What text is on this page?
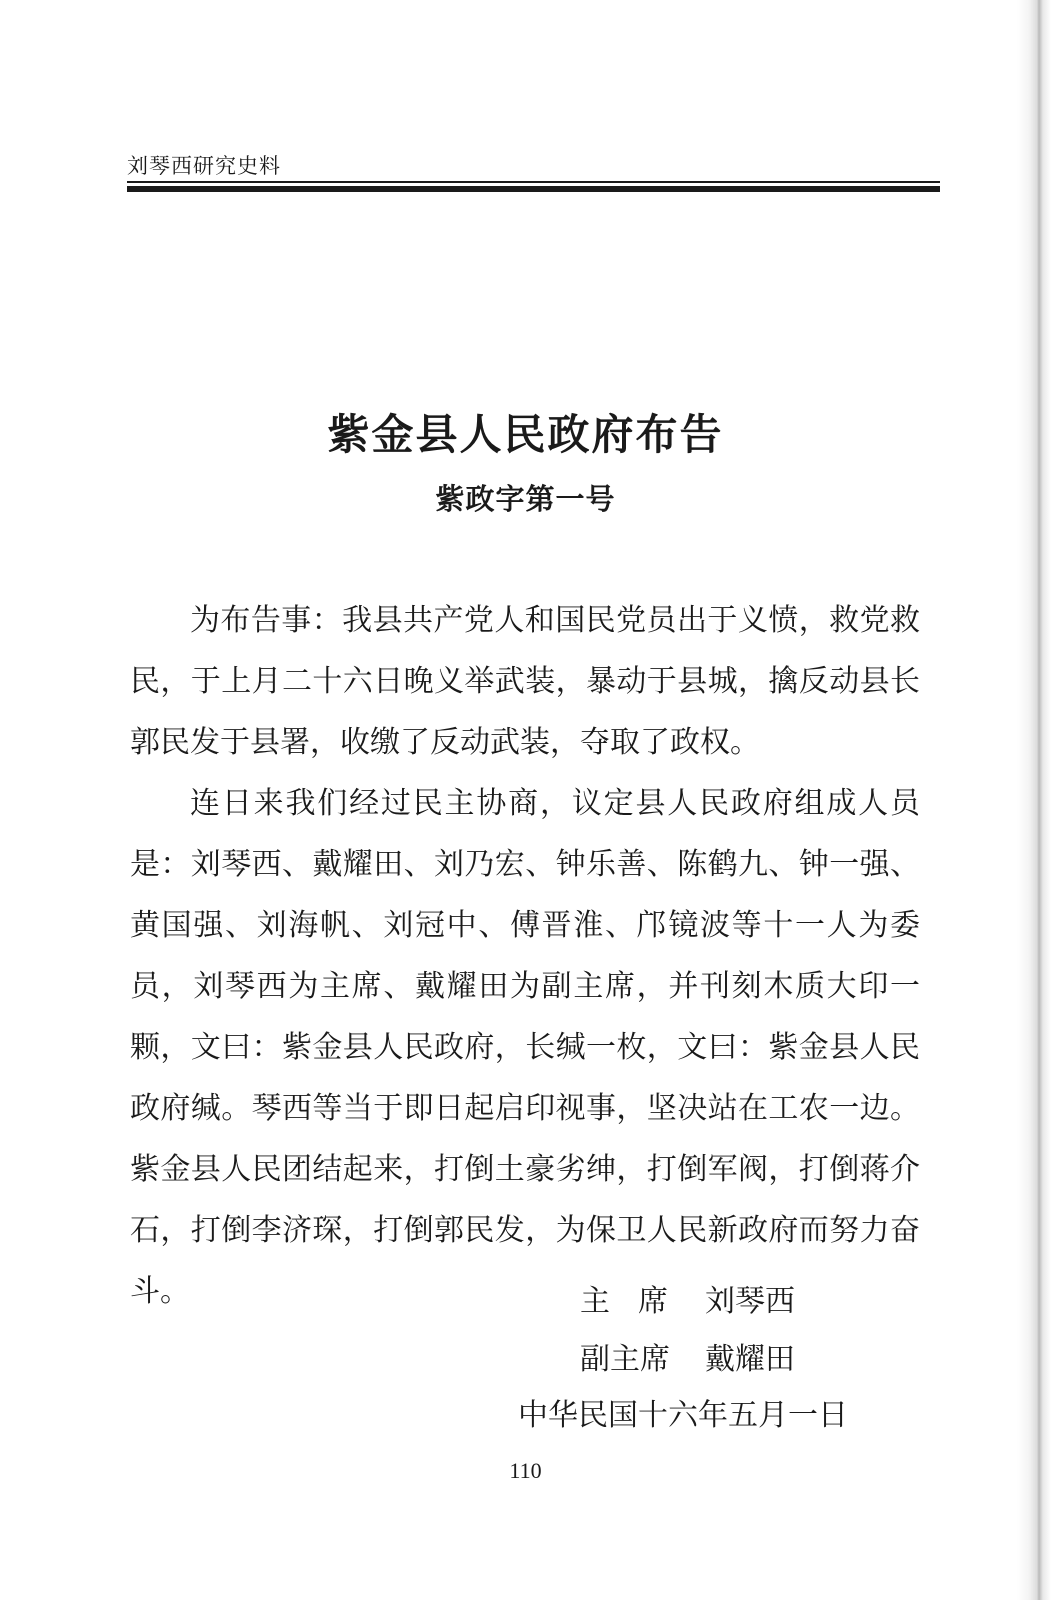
刘琴西研究史料
紫金县人民政府布告
紫政字第一号

为布告事：我县共产党人和国民党员出于义愤，救党救民，于上月二十六日晚义举武装，暴动于县城，擒反动县长郭民发于县署，收缴了反动武装，夺取了政权。

连日来我们经过民主协商，议定县人民政府组成人员是：刘琴西、戴耀田、刘乃宏、钟乐善、陈鹤九、钟一强、黄国强、刘海帆、刘冠中、傅晋淮、邝镜波等十一人为委员，刘琴西为主席、戴耀田为副主席，并刊刻木质大印一颗，文曰：紫金县人民政府，长缄一枚，文曰：紫金县人民政府缄。琴西等当于即日起启印视事，坚决站在工农一边。紫金县人民团结起来，打倒土豪劣绅，打倒军阀，打倒蒋介石，打倒李济琛，打倒郭民发，为保卫人民新政府而努力奋斗。	主席 刘琴西
副主席 戴耀田
中华民国十六年五月一日
110
